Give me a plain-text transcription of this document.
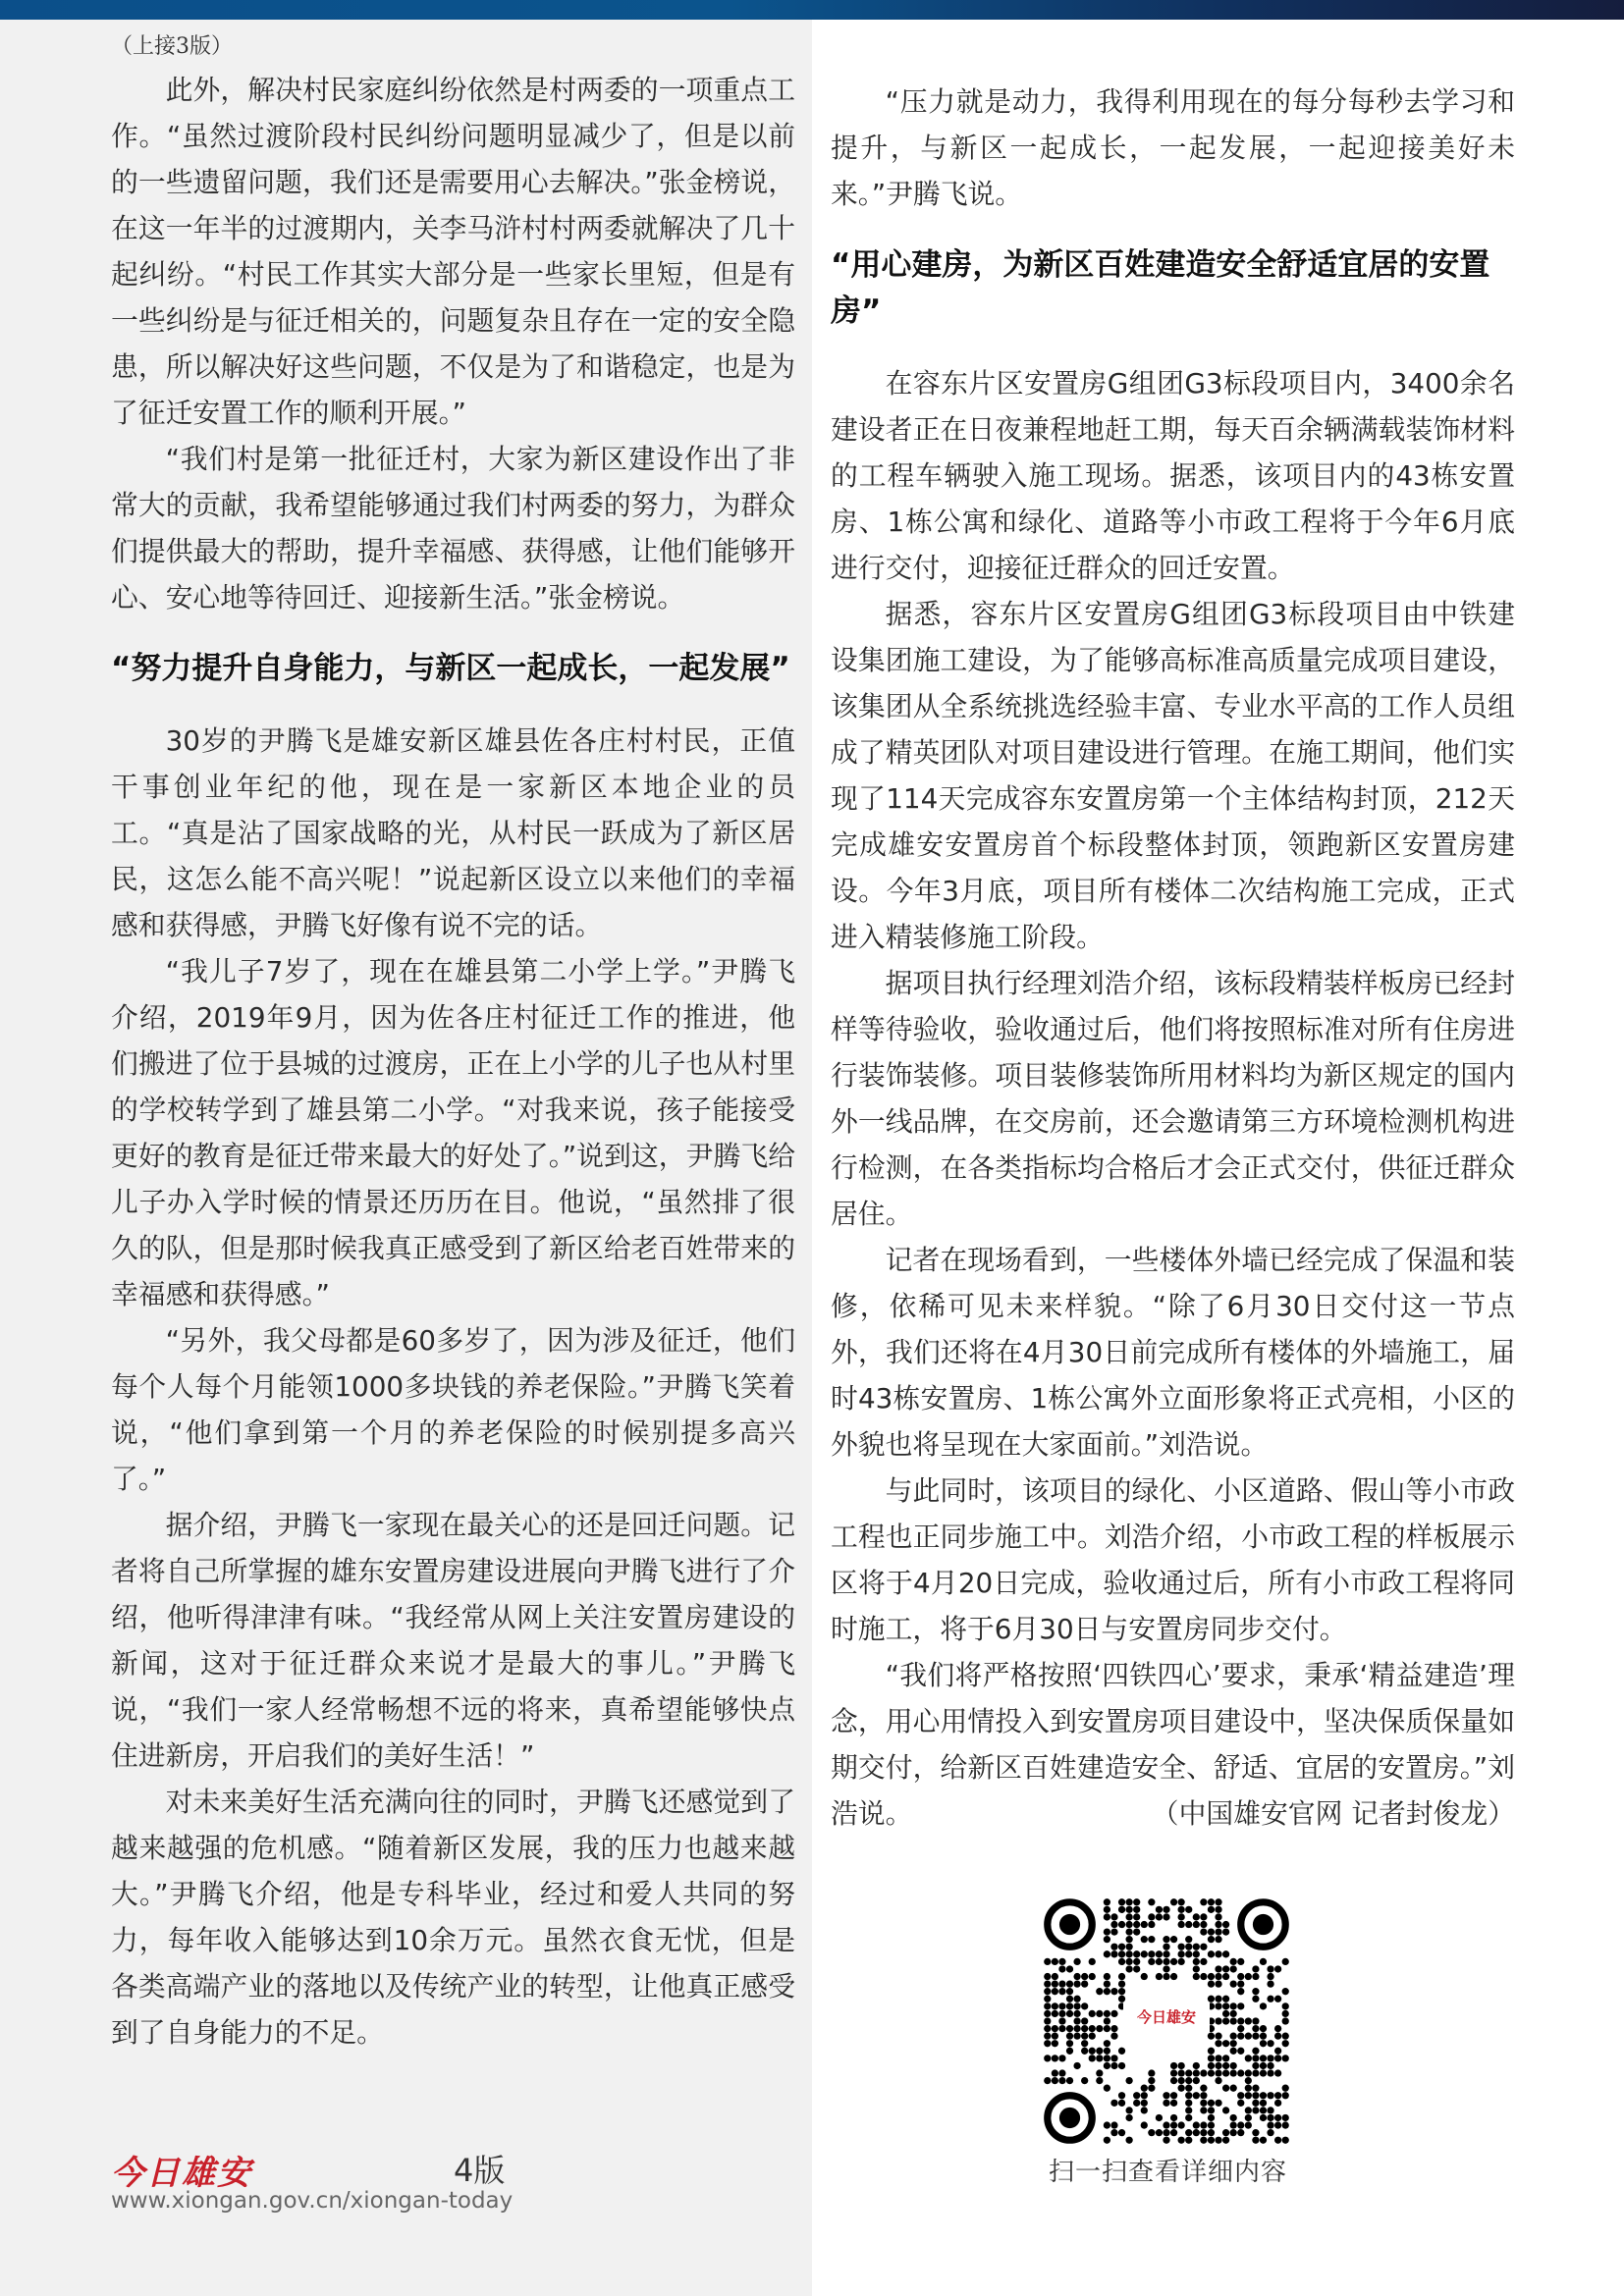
（上接3版）

此外，解决村民家庭纠纷依然是村两委的一项重点工作。“虽然过渡阶段村民纠纷问题明显减少了，但是以前的一些遗留问题，我们还是需要用心去解决。”张金榜说，在这一年半的过渡期内，关李马浒村村两委就解决了几十起纠纷。“村民工作其实大部分是一些家长里短，但是有一些纠纷是与征迁相关的，问题复杂且存在一定的安全隐患，所以解决好这些问题，不仅是为了和谐稳定，也是为了征迁安置工作的顺利开展。”

“我们村是第一批征迁村，大家为新区建设作出了非常大的贡献，我希望能够通过我们村两委的努力，为群众们提供最大的帮助，提升幸福感、获得感，让他们能够开心、安心地等待回迁、迎接新生活。”张金榜说。

“努力提升自身能力，与新区一起成长，一起发展”

30岁的尹腾飞是雄安新区雄县佐各庄村村民，正值干事创业年纪的他，现在是一家新区本地企业的员工。“真是沾了国家战略的光，从村民一跃成为了新区居民，这怎么能不高兴呢！”说起新区设立以来他们的幸福感和获得感，尹腾飞好像有说不完的话。

“我儿子7岁了，现在在雄县第二小学上学。”尹腾飞介绍，2019年9月，因为佐各庄村征迁工作的推进，他们搬进了位于县城的过渡房，正在上小学的儿子也从村里的学校转学到了雄县第二小学。“对我来说，孩子能接受更好的教育是征迁带来最大的好处了。”说到这，尹腾飞给儿子办入学时候的情景还历历在目。他说，“虽然排了很久的队，但是那时候我真正感受到了新区给老百姓带来的幸福感和获得感。”

“另外，我父母都是60多岁了，因为涉及征迁，他们每个人每个月能领1000多块钱的养老保险。”尹腾飞笑着说，“他们拿到第一个月的养老保险的时候别提多高兴了。”

据介绍，尹腾飞一家现在最关心的还是回迁问题。记者将自己所掌握的雄东安置房建设进展向尹腾飞进行了介绍，他听得津津有味。“我经常从网上关注安置房建设的新闻，这对于征迁群众来说才是最大的事儿。”尹腾飞说，“我们一家人经常畅想不远的将来，真希望能够快点住进新房，开启我们的美好生活！”

对未来美好生活充满向往的同时，尹腾飞还感觉到了越来越强的危机感。“随着新区发展，我的压力也越来越大。”尹腾飞介绍，他是专科毕业，经过和爱人共同的努力，每年收入能够达到10余万元。虽然衣食无忧，但是各类高端产业的落地以及传统产业的转型，让他真正感受到了自身能力的不足。

“压力就是动力，我得利用现在的每分每秒去学习和提升，与新区一起成长，一起发展，一起迎接美好未来。”尹腾飞说。

“用心建房，为新区百姓建造安全舒适宜居的安置房”

在容东片区安置房G组团G3标段项目内，3400余名建设者正在日夜兼程地赶工期，每天百余辆满载装饰材料的工程车辆驶入施工现场。据悉，该项目内的43栋安置房、1栋公寓和绿化、道路等小市政工程将于今年6月底进行交付，迎接征迁群众的回迁安置。

据悉，容东片区安置房G组团G3标段项目由中铁建设集团施工建设，为了能够高标准高质量完成项目建设，该集团从全系统挑选经验丰富、专业水平高的工作人员组成了精英团队对项目建设进行管理。在施工期间，他们实现了114天完成容东安置房第一个主体结构封顶，212天完成雄安安置房首个标段整体封顶，领跑新区安置房建设。今年3月底，项目所有楼体二次结构施工完成，正式进入精装修施工阶段。

据项目执行经理刘浩介绍，该标段精装样板房已经封样等待验收，验收通过后，他们将按照标准对所有住房进行装饰装修。项目装修装饰所用材料均为新区规定的国内外一线品牌，在交房前，还会邀请第三方环境检测机构进行检测，在各类指标均合格后才会正式交付，供征迁群众居住。

记者在现场看到，一些楼体外墙已经完成了保温和装修，依稀可见未来样貌。“除了6月30日交付这一节点外，我们还将在4月30日前完成所有楼体的外墙施工，届时43栋安置房、1栋公寓外立面形象将正式亮相，小区的外貌也将呈现在大家面前。”刘浩说。

与此同时，该项目的绿化、小区道路、假山等小市政工程也正同步施工中。刘浩介绍，小市政工程的样板展示区将于4月20日完成，验收通过后，所有小市政工程将同时施工，将于6月30日与安置房同步交付。

“我们将严格按照‘四铁四心’要求，秉承‘精益建造’理念，用心用情投入到安置房项目建设中，坚决保质保量如期交付，给新区百姓建造安全、舒适、宜居的安置房。”刘浩说。	（中国雄安官网 记者封俊龙）
今日雄安	4版
www.xiongan.gov.cn/xiongan-today
今日雄安
扫一扫查看详细内容
